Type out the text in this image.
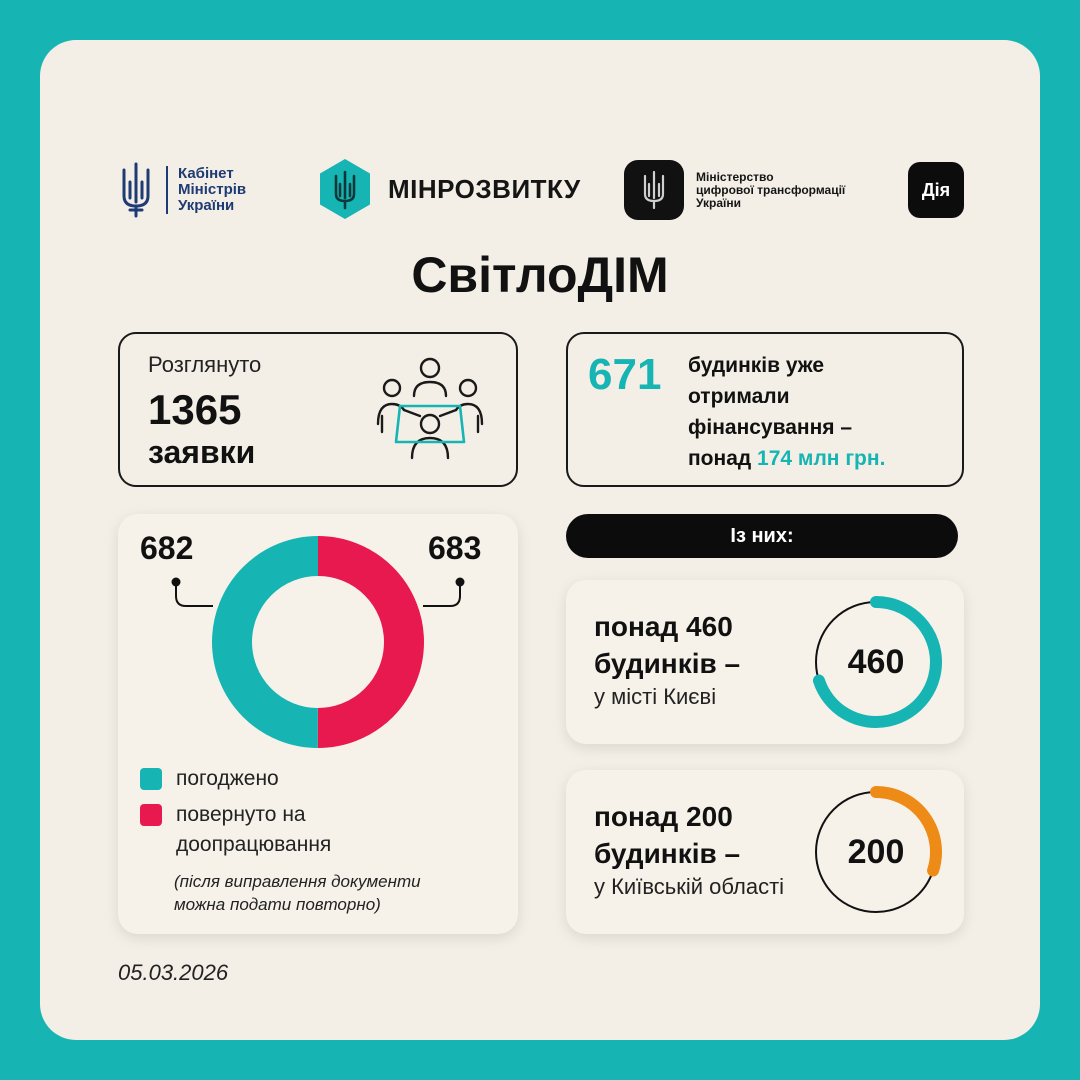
Кабінет
Міністрів
України
МІНРОЗВИТКУ	Міністерство
цифрової трансформації
України
Дія
СвітлоДІМ
Розглянуто
1365
заявки
671 будинків уже
отримали
фінансування –
понад 174 млн грн.
682	683
погоджено
повернуто на
доопрацювання
(після виправлення документи
можна подати повторно)
Із них:
понад 460
будинків –
у місті Києві
460
понад 200
будинків –
у Київській області
200
05.03.2026
